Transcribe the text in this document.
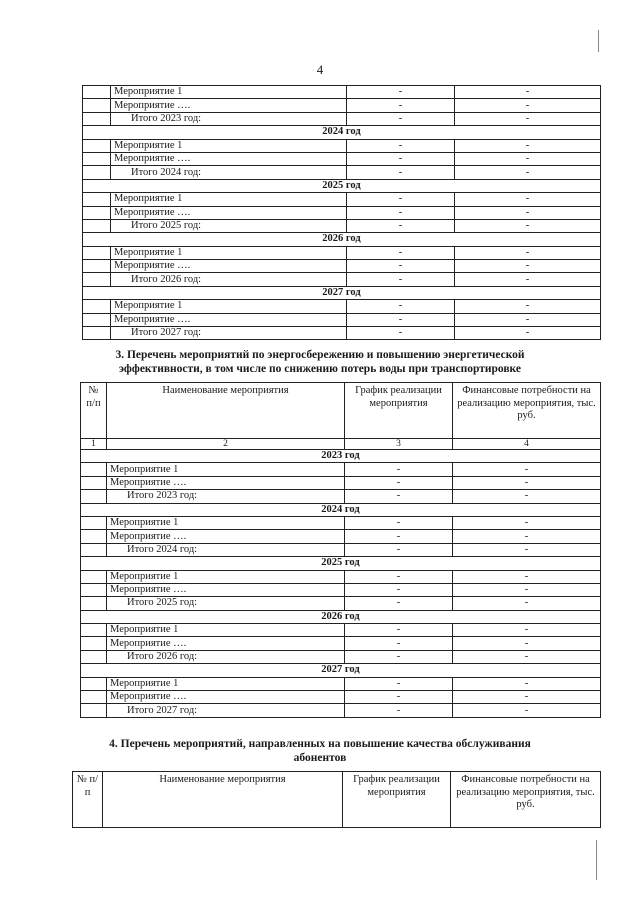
4
	Мероприятие 1	-	-
	Мероприятие ….	-	-
	Итого 2023 год:	-	-
2024 год			
	Мероприятие 1	-	-
	Мероприятие ….	-	-
	Итого 2024 год:	-	-
2025 год			
	Мероприятие 1	-	-
	Мероприятие ….	-	-
	Итого 2025 год:	-	-
2026 год			
	Мероприятие 1	-	-
	Мероприятие ….	-	-
	Итого 2026 год:	-	-
2027 год			
	Мероприятие 1	-	-
	Мероприятие ….	-	-
	Итого 2027 год:	-	-
3. Перечень мероприятий по энергосбережению и повышению энергетической
эффективности, в том числе по снижению потерь воды при транспортировке
№ п/п	Наименование мероприятия	График реализации мероприятия	Финансовые потребности на реализацию мероприятия, тыс. руб.
1	2	3	4
2023 год			
	Мероприятие 1	-	-
	Мероприятие ….	-	-
	Итого 2023 год:	-	-
2024 год			
	Мероприятие 1	-	-
	Мероприятие ….	-	-
	Итого 2024 год:	-	-
2025 год			
	Мероприятие 1	-	-
	Мероприятие ….	-	-
	Итого 2025 год:	-	-
2026 год			
	Мероприятие 1	-	-
	Мероприятие ….	-	-
	Итого 2026 год:	-	-
2027 год			
	Мероприятие 1	-	-
	Мероприятие ….	-	-
	Итого 2027 год:	-	-
4. Перечень мероприятий, направленных на повышение качества обслуживания
абонентов
№ п/п	Наименование мероприятия	График реализации мероприятия	Финансовые потребности на реализацию мероприятия, тыс. руб.
